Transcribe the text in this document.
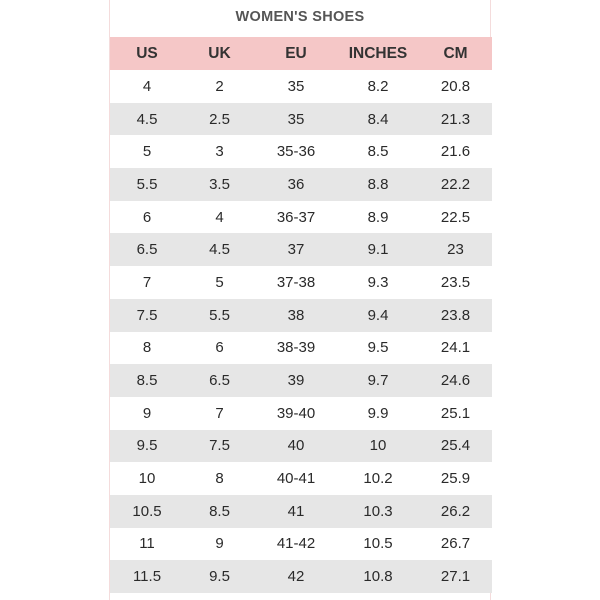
WOMEN'S SHOES
US	UK	EU	INCHES	CM
4	2	35	8.2	20.8
4.5	2.5	35	8.4	21.3
5	3	35-36	8.5	21.6
5.5	3.5	36	8.8	22.2
6	4	36-37	8.9	22.5
6.5	4.5	37	9.1	23
7	5	37-38	9.3	23.5
7.5	5.5	38	9.4	23.8
8	6	38-39	9.5	24.1
8.5	6.5	39	9.7	24.6
9	7	39-40	9.9	25.1
9.5	7.5	40	10	25.4
10	8	40-41	10.2	25.9
10.5	8.5	41	10.3	26.2
11	9	41-42	10.5	26.7
11.5	9.5	42	10.8	27.1
